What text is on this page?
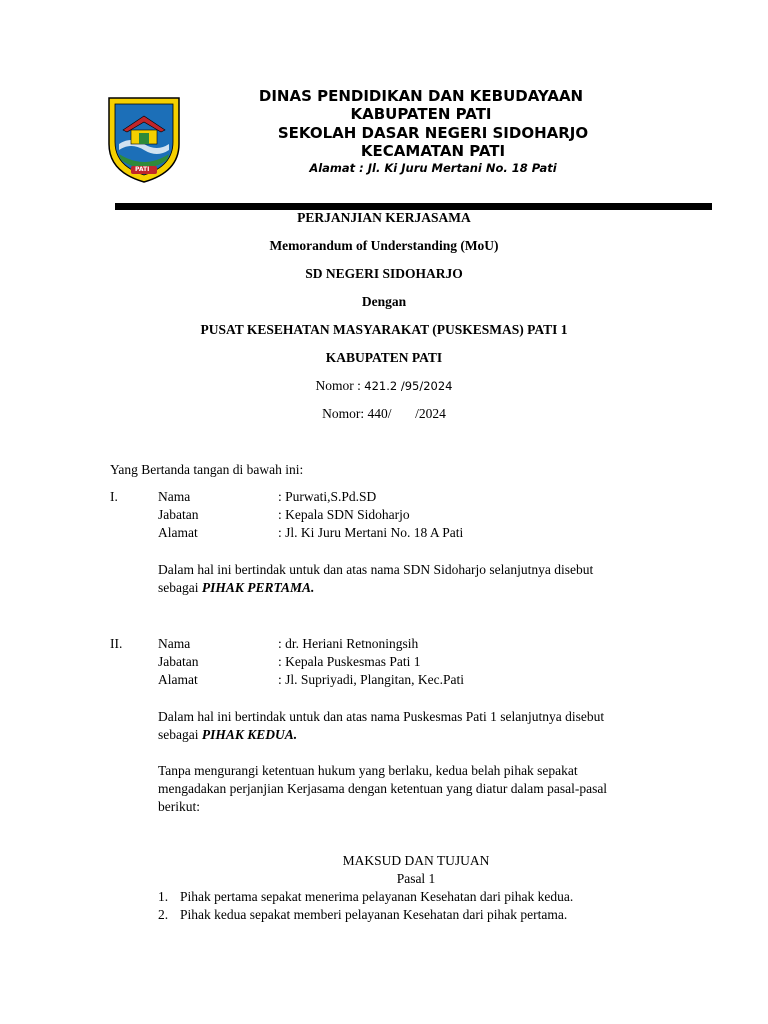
PATI
DINAS PENDIDIKAN DAN KEBUDAYAAN
KABUPATEN PATI
SEKOLAH DASAR NEGERI SIDOHARJO
KECAMATAN PATI
Alamat : Jl. Ki Juru Mertani No. 18 Pati
PERJANJIAN KERJASAMA
Memorandum of Understanding (MoU)
SD NEGERI SIDOHARJO
Dengan
PUSAT KESEHATAN MASYARAKAT (PUSKESMAS) PATI 1
KABUPATEN PATI
Nomor : 421.2 /95/2024
Nomor: 440/       /2024
Yang Bertanda tangan di bawah ini:
I.	Nama	: Purwati,S.Pd.SD
Jabatan	: Kepala SDN Sidoharjo
Alamat	: Jl. Ki Juru Mertani No. 18 A Pati
Dalam hal ini bertindak untuk dan atas nama SDN Sidoharjo selanjutnya disebut
sebagai PIHAK PERTAMA.
II.	Nama	: dr. Heriani Retnoningsih
Jabatan	: Kepala Puskesmas Pati 1
Alamat	: Jl. Supriyadi, Plangitan, Kec.Pati
Dalam hal ini bertindak untuk dan atas nama Puskesmas Pati 1 selanjutnya disebut
sebagai PIHAK KEDUA.
Tanpa mengurangi ketentuan hukum yang berlaku, kedua belah pihak sepakat
mengadakan perjanjian Kerjasama dengan ketentuan yang diatur dalam pasal-pasal
berikut:
MAKSUD DAN TUJUAN
Pasal 1
1. Pihak pertama sepakat menerima pelayanan Kesehatan dari pihak kedua.
2. Pihak kedua sepakat memberi pelayanan Kesehatan dari pihak pertama.
